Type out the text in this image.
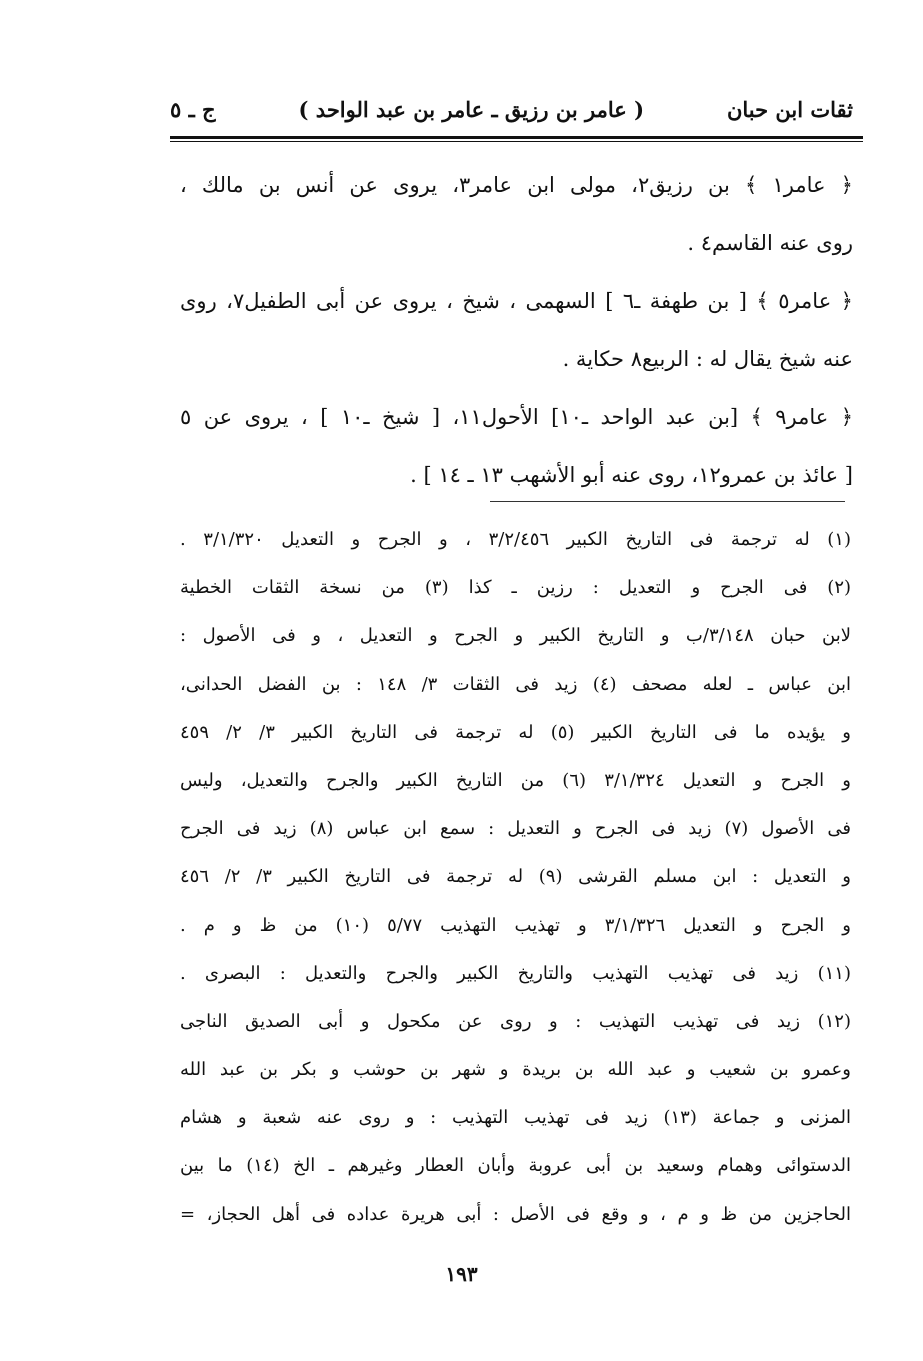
ثقات ابن حبان
( عامر بن رزيق ـ عامر بن عبد الواحد )
ج ـ ٥
﴿ عامر١ ﴾ بن رزيق٢، مولى ابن عامر٣، يروى عن أنس بن مالك ،
روى عنه القاسم٤ .
﴿ عامر٥ ﴾ [ بن طهفة ـ٦ ] السهمى ، شيخ ، يروى عن أبى الطفيل٧، روى
عنه شيخ يقال له : الربيع٨ حكاية .
﴿ عامر٩ ﴾ [بن عبد الواحد ـ١٠] الأحول١١، [ شيخ ـ١٠ ] ، يروى عن ٥
[ عائذ بن عمرو١٢، روى عنه أبو الأشهب ١٣ ـ ١٤ ] .
(١) له ترجمة فى التاريخ الكبير ٣/٢/٤٥٦ ، و الجرح و التعديل ٣/١/٣٢٠ .
(٢) فى الجرح و التعديل : رزين ـ كذا (٣) من نسخة الثقات الخطية
لابن حبان ٣/١٤٨/ب و التاريخ الكبير و الجرح و التعديل ، و فى الأصول :
ابن عباس ـ لعله مصحف (٤) زيد فى الثقات ٣/ ١٤٨ : بن الفضل الحدانى،
و يؤيده ما فى التاريخ الكبير (٥) له ترجمة فى التاريخ الكبير ٣/ ٢/ ٤٥٩
و الجرح و التعديل ٣/١/٣٢٤ (٦) من التاريخ الكبير والجرح والتعديل، وليس
فى الأصول (٧) زيد فى الجرح و التعديل : سمع ابن عباس (٨) زيد فى الجرح
و التعديل : ابن مسلم القرشى (٩) له ترجمة فى التاريخ الكبير ٣/ ٢/ ٤٥٦
و الجرح و التعديل ٣/١/٣٢٦ و تهذيب التهذيب ٥/٧٧ (١٠) من ظ و م .
(١١) زيد فى تهذيب التهذيب والتاريخ الكبير والجرح والتعديل : البصرى .
(١٢) زيد فى تهذيب التهذيب : و روى عن مكحول و أبى الصديق الناجى
وعمرو بن شعيب و عبد الله بن بريدة و شهر بن حوشب و بكر بن عبد الله
المزنى و جماعة (١٣) زيد فى تهذيب التهذيب : و روى عنه شعبة و هشام
الدستوائى وهمام وسعيد بن أبى عروبة وأبان العطار وغيرهم ـ الخ (١٤) ما بين
الحاجزين من ظ و م ، و وقع فى الأصل : أبى هريرة عداده فى أهل الحجاز، =
١٩٣
